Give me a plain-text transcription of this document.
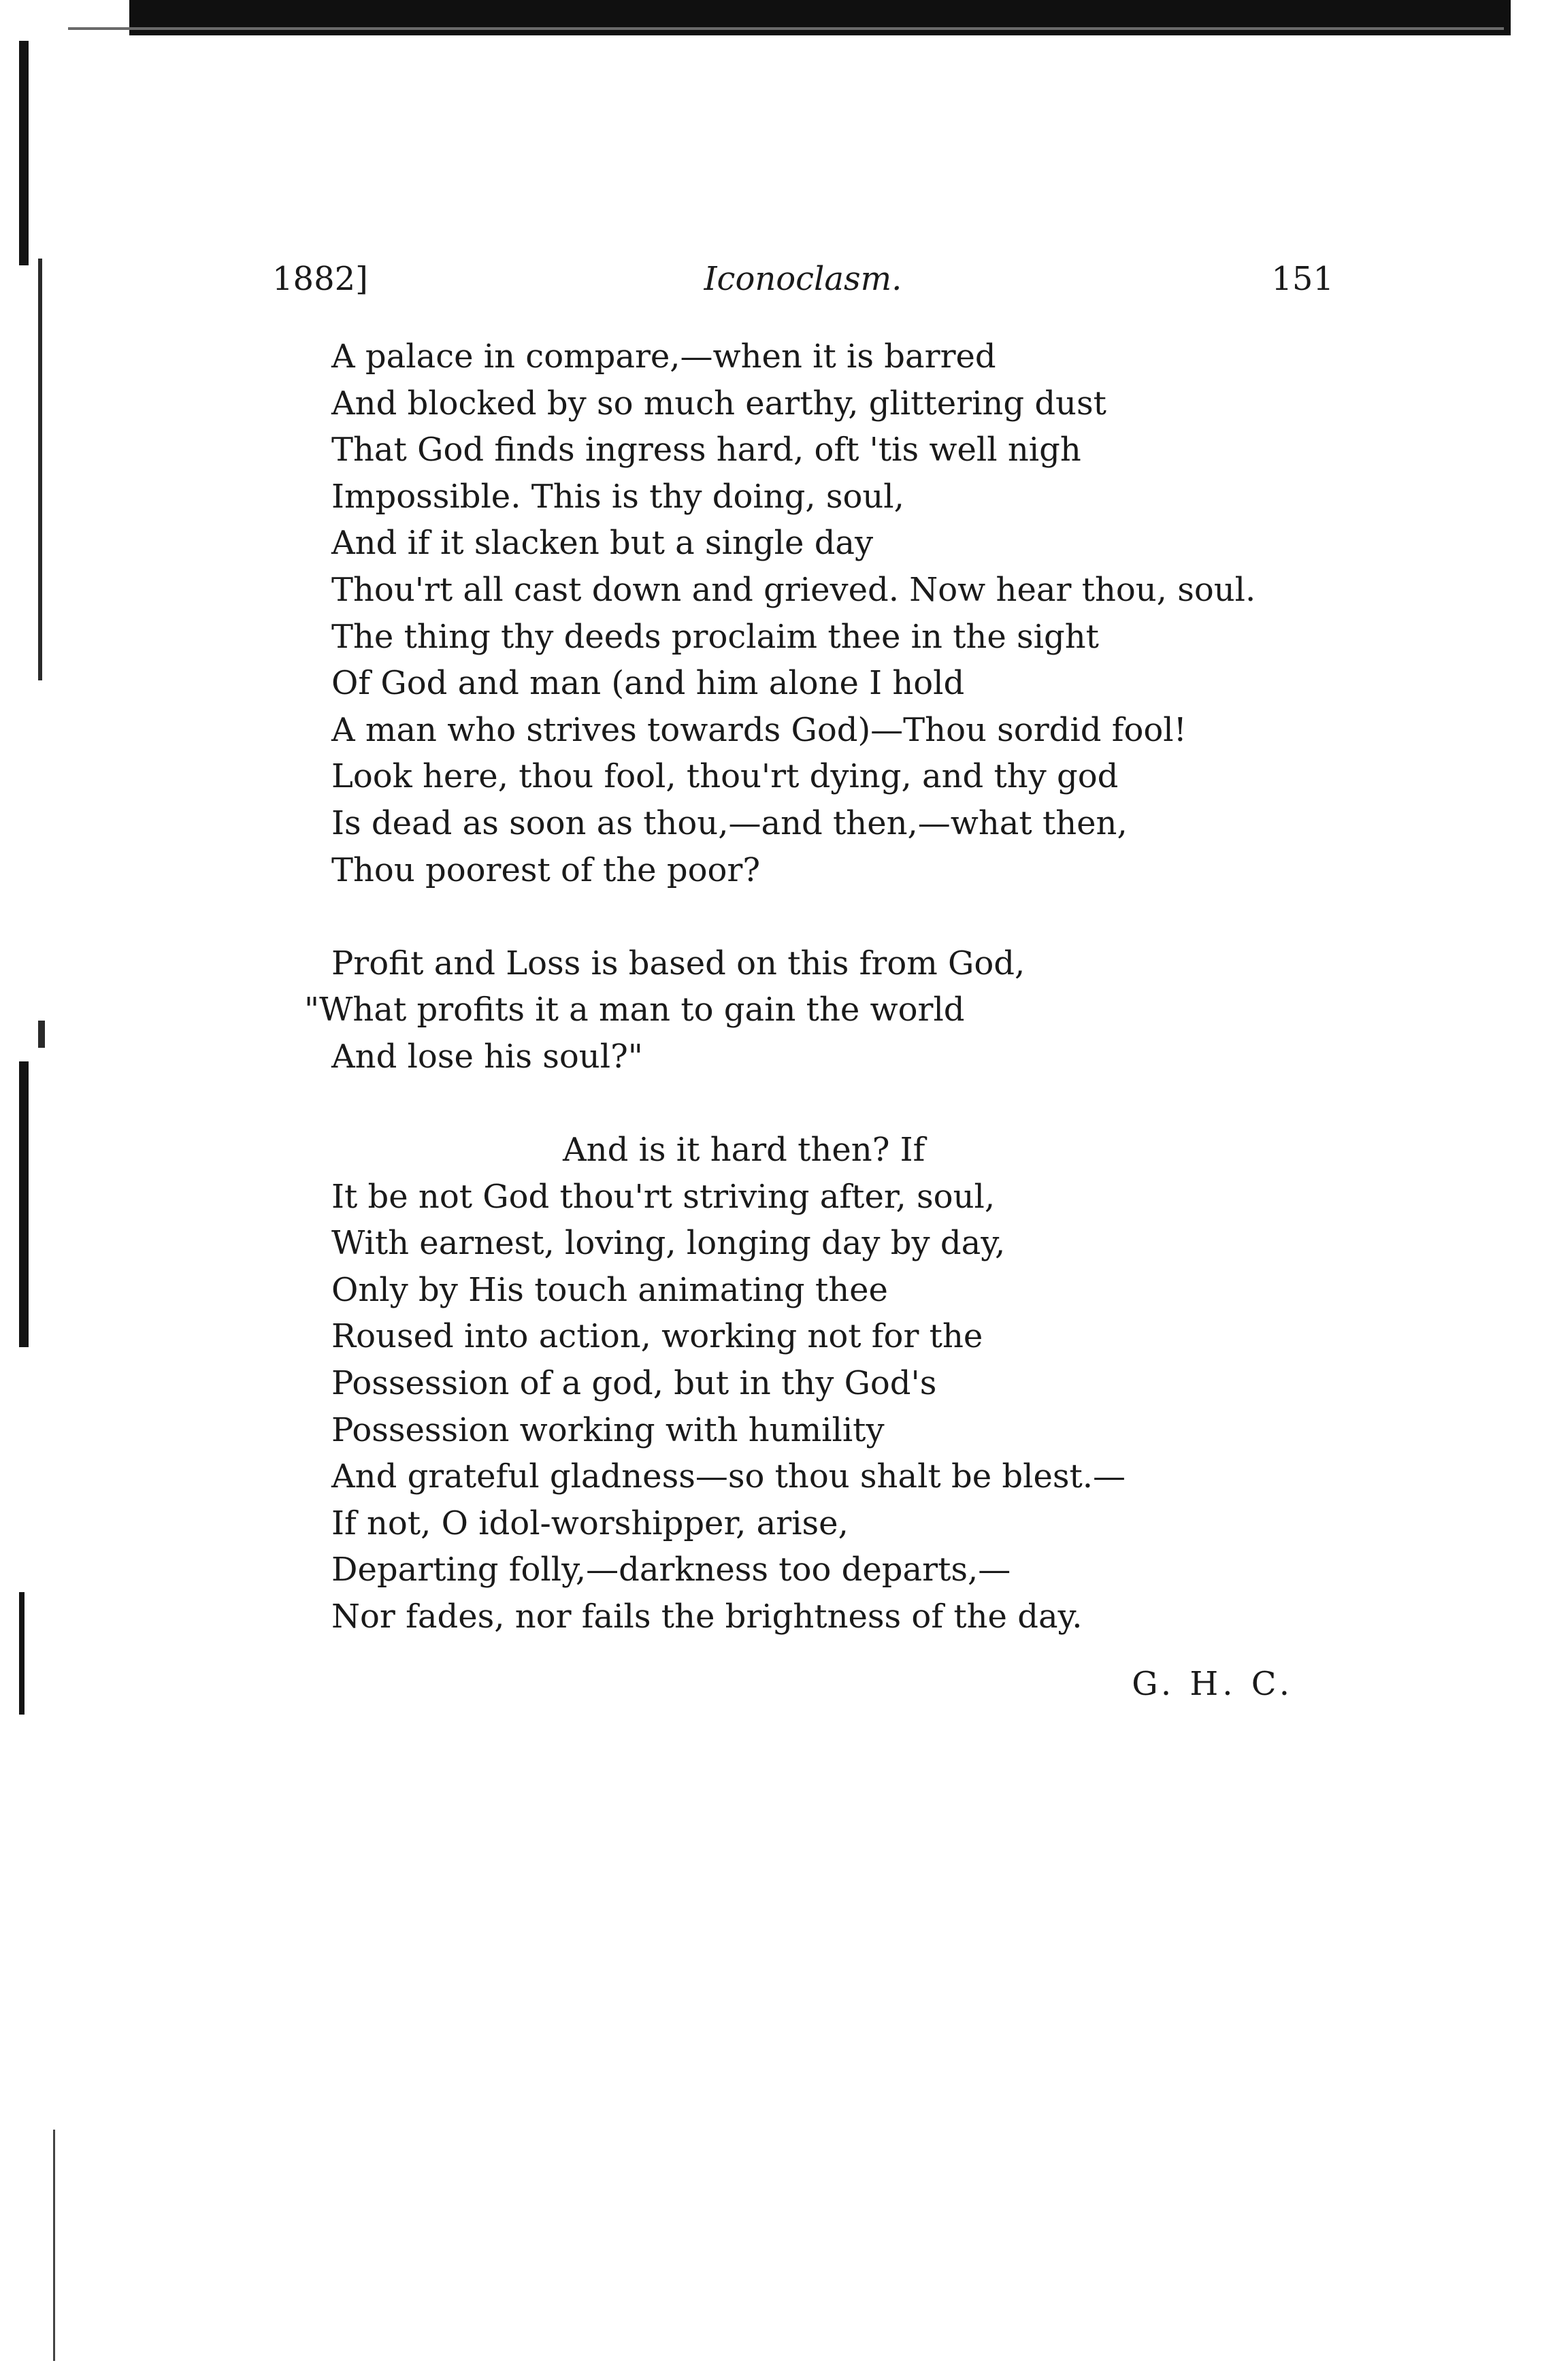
1882]	Iconoclasm.	151
A palace in compare,—when it is barred
And blocked by so much earthy, glittering dust
That God finds ingress hard, oft 'tis well nigh
Impossible. This is thy doing, soul,
And if it slacken but a single day
Thou'rt all cast down and grieved. Now hear thou, soul.
The thing thy deeds proclaim thee in the sight
Of God and man (and him alone I hold
A man who strives towards God)—Thou sordid fool!
Look here, thou fool, thou'rt dying, and thy god
Is dead as soon as thou,—and then,—what then,
Thou poorest of the poor?
Profit and Loss is based on this from God,
"What profits it a man to gain the world
And lose his soul?"
And is it hard then? If
It be not God thou'rt striving after, soul,
With earnest, loving, longing day by day,
Only by His touch animating thee
Roused into action, working not for the
Possession of a god, but in thy God's
Possession working with humility
And grateful gladness—so thou shalt be blest.—
If not, O idol-worshipper, arise,
Departing folly,—darkness too departs,—
Nor fades, nor fails the brightness of the day.
G. H. C.
